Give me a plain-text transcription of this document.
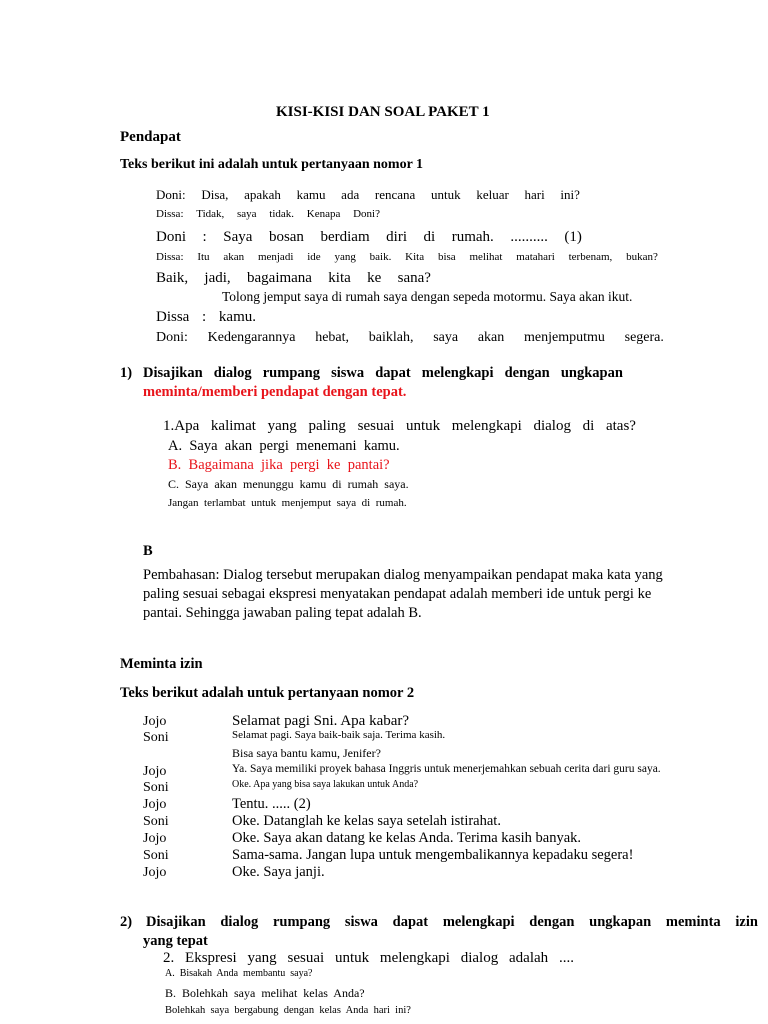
KISI-KISI DAN SOAL PAKET 1
Pendapat
Teks berikut ini adalah untuk pertanyaan nomor 1
Doni: Disa, apakah kamu ada rencana untuk keluar hari ini?
Dissa: Tidak, saya tidak. Kenapa Doni?
Doni : Saya bosan berdiam diri di rumah. .......... (1)
Dissa: Itu akan menjadi ide yang baik. Kita bisa melihat matahari terbenam, bukan?
Baik, jadi, bagaimana kita ke sana?
Tolong jemput saya di rumah saya dengan sepeda motormu. Saya akan ikut.
Dissa : kamu.
Doni: Kedengarannya hebat, baiklah, saya akan menjemputmu segera.
1) Disajikan dialog rumpang siswa dapat melengkapi dengan ungkapan
meminta/memberi pendapat dengan tepat.
1.Apa kalimat yang paling sesuai untuk melengkapi dialog di atas?
A.  Saya  akan  pergi  menemani  kamu.
B.  Bagaimana  jika  pergi  ke  pantai?
C.  Saya  akan  menunggu  kamu  di  rumah  saya.
Jangan  terlambat  untuk  menjemput  saya  di  rumah.
B
Pembahasan: Dialog tersebut merupakan dialog menyampaikan pendapat maka kata yang paling sesuai sebagai ekspresi menyatakan pendapat adalah memberi ide untuk pergi ke pantai. Sehingga jawaban paling tepat adalah B.
Meminta izin
Teks berikut adalah untuk pertanyaan nomor 2
Jojo	Selamat pagi Sni. Apa kabar?
Soni	Selamat pagi. Saya baik-baik saja. Terima kasih.
Bisa saya bantu kamu, Jenifer?
Jojo	Ya. Saya memiliki proyek bahasa Inggris untuk menerjemahkan sebuah cerita dari guru saya.
Soni	Oke. Apa yang bisa saya lakukan untuk Anda?
Jojo	Tentu. ..... (2)
Soni	Oke. Datanglah ke kelas saya setelah istirahat.
Jojo	Oke. Saya akan datang ke kelas Anda. Terima kasih banyak.
Soni	Sama-sama. Jangan lupa untuk mengembalikannya kepadaku segera!
Jojo	Oke. Saya janji.
2) Disajikan dialog rumpang siswa dapat melengkapi dengan ungkapan meminta izin
yang tepat
2. Ekspresi yang sesuai untuk melengkapi dialog adalah ....
A.  Bisakah  Anda  membantu  saya?
B.  Bolehkah  saya  melihat  kelas  Anda?
Bolehkah  saya  bergabung  dengan  kelas  Anda  hari  ini?
